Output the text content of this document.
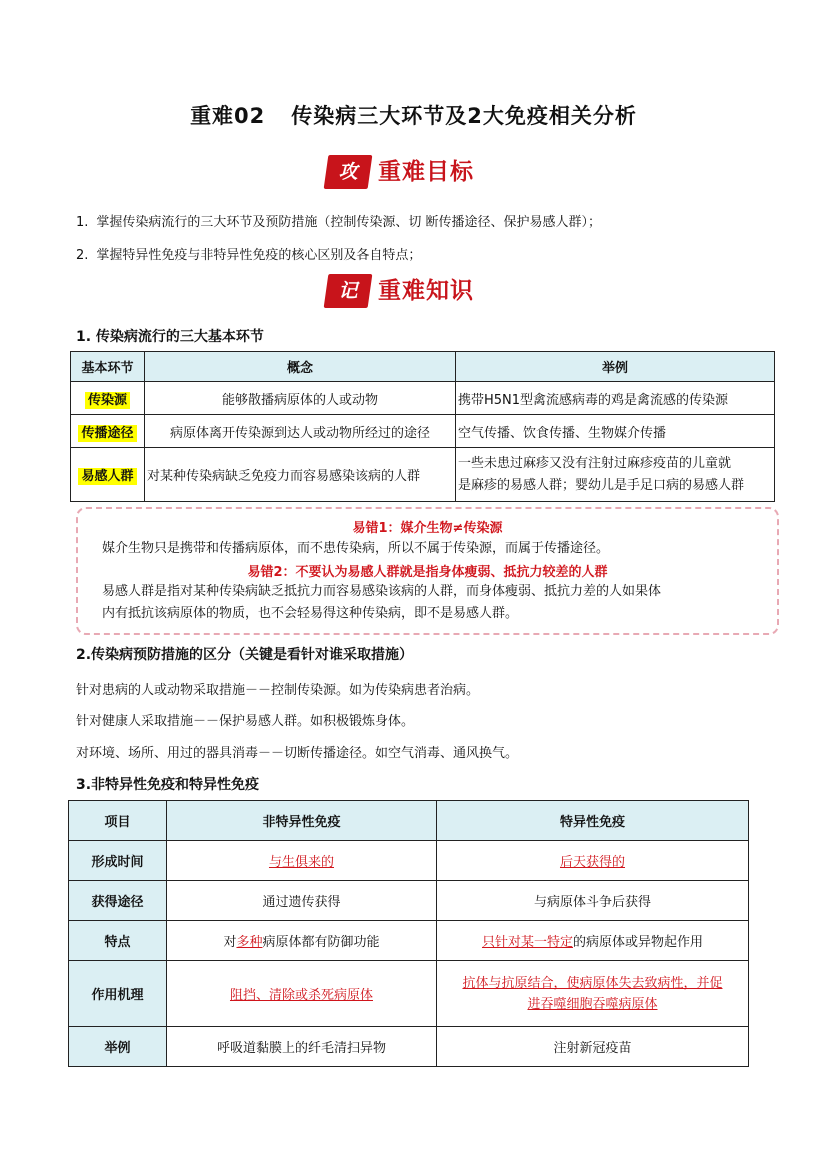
重难02 传染病三大环节及2大免疫相关分析
攻 重难目标
1. 掌握传染病流行的三大环节及预防措施（控制传染源、切 断传播途径、保护易感人群）；
2. 掌握特异性免疫与非特异性免疫的核心区别及各自特点；
记 重难知识
1. 传染病流行的三大基本环节
基本环节	概念	举例
传染源	能够散播病原体的人或动物	携带H5N1型禽流感病毒的鸡是禽流感的传染源
传播途径	病原体离开传染源到达人或动物所经过的途径	空气传播、饮食传播、生物媒介传播
易感人群	对某种传染病缺乏免疫力而容易感染该病的人群	一些未患过麻疹又没有注射过麻疹疫苗的儿童就
是麻疹的易感人群；婴幼儿是手足口病的易感人群
易错1：媒介生物≠传染源
媒介生物只是携带和传播病原体，而不患传染病，所以不属于传染源，而属于传播途径。
易错2：不要认为易感人群就是指身体瘦弱、抵抗力较差的人群
易感人群是指对某种传染病缺乏抵抗力而容易感染该病的人群，而身体瘦弱、抵抗力差的人如果体
内有抵抗该病原体的物质，也不会轻易得这种传染病，即不是易感人群。
2.传染病预防措施的区分（关键是看针对谁采取措施）
针对患病的人或动物采取措施－－控制传染源。如为传染病患者治病。
针对健康人采取措施－－保护易感人群。如积极锻炼身体。
对环境、场所、用过的器具消毒－－切断传播途径。如空气消毒、通风换气。
3.非特异性免疫和特异性免疫
项目	非特异性免疫	特异性免疫
形成时间	与生俱来的	后天获得的
获得途径	通过遗传获得	与病原体斗争后获得
特点	对多种病原体都有防御功能	只针对某一特定的病原体或异物起作用
作用机理	阻挡、清除或杀死病原体	抗体与抗原结合，使病原体失去致病性，并促
进吞噬细胞吞噬病原体

举例	呼吸道黏膜上的纤毛清扫异物	注射新冠疫苗
